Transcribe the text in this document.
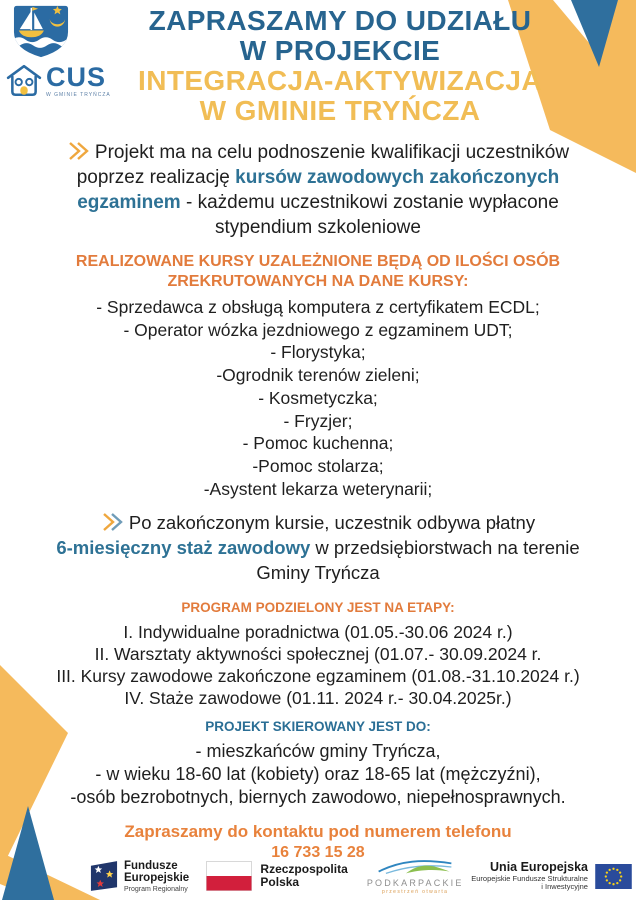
CUS
W GMINIE TRYŃCZA
ZAPRASZAMY DO UDZIAŁU
W PROJEKCIE
INTEGRACJA-AKTYWIZACJA
W GMINIE TRYŃCZA
Projekt ma na celu podnoszenie kwalifikacji uczestników
poprzez realizację kursów zawodowych zakończonych
egzaminem - każdemu uczestnikowi zostanie wypłacone
stypendium szkoleniowe
REALIZOWANE KURSY UZALEŻNIONE BĘDĄ OD ILOŚCI OSÓB
ZREKRUTOWANYCH NA DANE KURSY:
- Sprzedawca z obsługą komputera z certyfikatem ECDL;
- Operator wózka jezdniowego z egzaminem UDT;
- Florystyka;
-Ogrodnik terenów zieleni;
- Kosmetyczka;
- Fryzjer;
- Pomoc kuchenna;
-Pomoc stolarza;
-Asystent lekarza weterynarii;
Po zakończonym kursie, uczestnik odbywa płatny
6-miesięczny staż zawodowy w przedsiębiorstwach na terenie
Gminy Tryńcza
PROGRAM PODZIELONY JEST NA ETAPY:
I. Indywidualne poradnictwa (01.05.-30.06 2024 r.)
II. Warsztaty aktywności społecznej (01.07.- 30.09.2024 r.
III. Kursy zawodowe zakończone egzaminem (01.08.-31.10.2024 r.)
IV. Staże zawodowe (01.11. 2024 r.- 30.04.2025r.)
PROJEKT SKIEROWANY JEST DO:
- mieszkańców gminy Tryńcza,
- w wieku 18-60 lat (kobiety) oraz 18-65 lat (mężczyźni),
-osób bezrobotnych, biernych zawodowo, niepełnosprawnych.
Zapraszamy do kontaktu pod numerem telefonu
16 733 15 28
Fundusze Europejskie
Program Regionalny
Rzeczpospolita Polska	PODKARPACKIE
przestrzeń otwarta
Unia Europejska
Europejskie Fundusze Strukturalne i Inwestycyjne
